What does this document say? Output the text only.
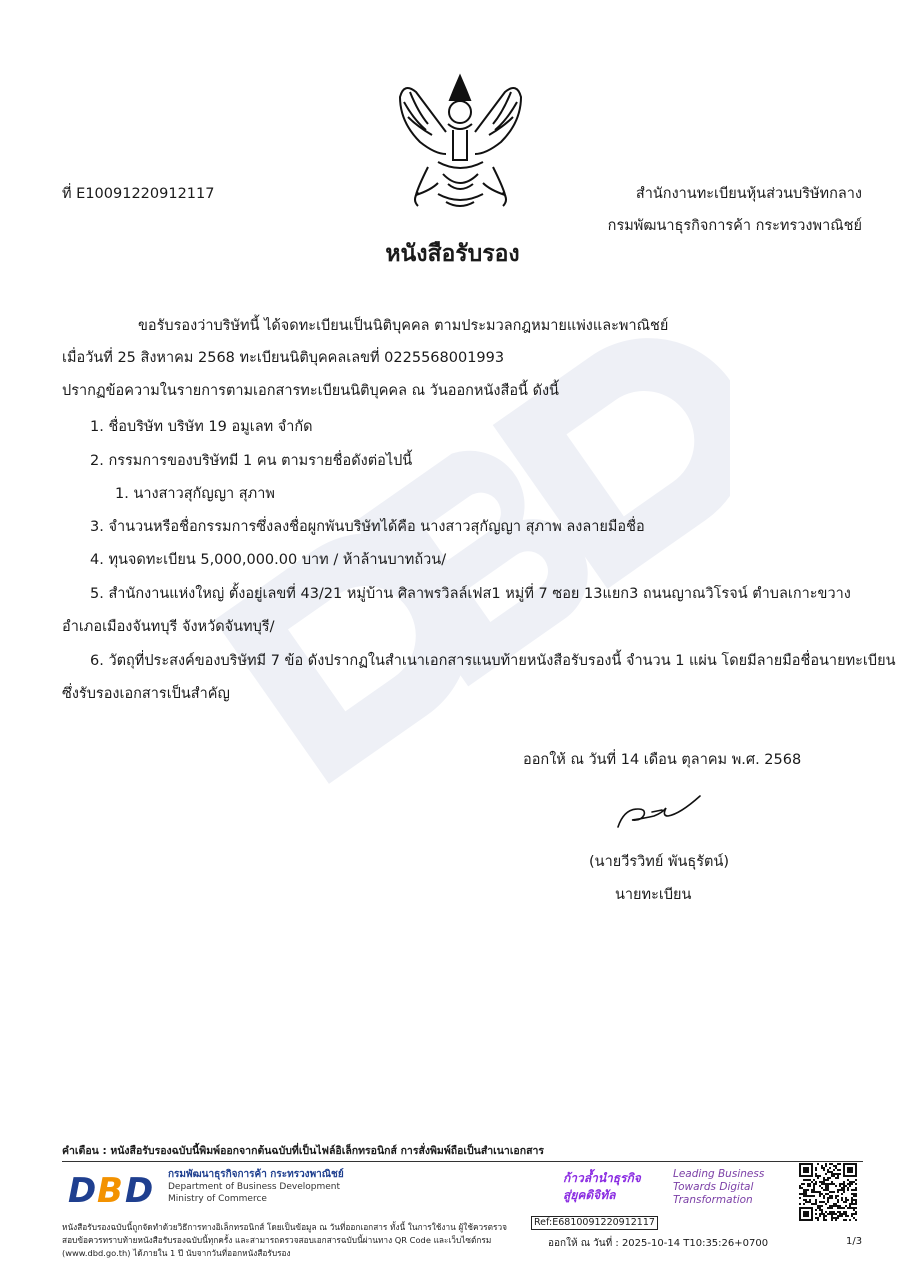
ที่ E10091220912117	สำนักงานทะเบียนหุ้นส่วนบริษัทกลาง
กรมพัฒนาธุรกิจการค้า กระทรวงพาณิชย์
หนังสือรับรอง
ขอรับรองว่าบริษัทนี้ ได้จดทะเบียนเป็นนิติบุคคล ตามประมวลกฎหมายแพ่งและพาณิชย์
เมื่อวันที่ 25 สิงหาคม 2568 ทะเบียนนิติบุคคลเลขที่ 0225568001993
ปรากฏข้อความในรายการตามเอกสารทะเบียนนิติบุคคล ณ วันออกหนังสือนี้ ดังนี้
1. ชื่อบริษัท บริษัท 19 อมูเลท จำกัด
2. กรรมการของบริษัทมี 1 คน ตามรายชื่อดังต่อไปนี้
1. นางสาวสุกัญญา สุภาพ
3. จำนวนหรือชื่อกรรมการซึ่งลงชื่อผูกพันบริษัทได้คือ นางสาวสุกัญญา สุภาพ ลงลายมือชื่อ
4. ทุนจดทะเบียน 5,000,000.00 บาท / ห้าล้านบาทถ้วน/
5. สำนักงานแห่งใหญ่ ตั้งอยู่เลขที่ 43/21 หมู่บ้าน ศิลาพรวิลล์เฟส1 หมู่ที่ 7 ซอย 13แยก3 ถนนญาณวิโรจน์ ตำบลเกาะขวาง
อำเภอเมืองจันทบุรี จังหวัดจันทบุรี/
6. วัตถุที่ประสงค์ของบริษัทมี 7 ข้อ ดังปรากฏในสำเนาเอกสารแนบท้ายหนังสือรับรองนี้ จำนวน 1 แผ่น โดยมีลายมือชื่อนายทะเบียน
ซึ่งรับรองเอกสารเป็นสำคัญ
ออกให้ ณ วันที่ 14 เดือน ตุลาคม พ.ศ. 2568
(นายวีรวิทย์ พันธุรัตน์)
นายทะเบียน
คำเตือน : หนังสือรับรองฉบับนี้พิมพ์ออกจากต้นฉบับที่เป็นไฟล์อิเล็กทรอนิกส์ การสั่งพิมพ์ถือเป็นสำเนาเอกสาร
D B D กรมพัฒนาธุรกิจการค้า กระทรวงพาณิชย์
Department of Business Development
Ministry of Commerce
ก้าวล้ำนำธุรกิจ
สู่ยุคดิจิทัล
Leading Business
Towards Digital
Transformation
หนังสือรับรองฉบับนี้ถูกจัดทำด้วยวิธีการทางอิเล็กทรอนิกส์ โดยเป็นข้อมูล ณ วันที่ออกเอกสาร ทั้งนี้ ในการใช้งาน ผู้ใช้ควรตรวจสอบข้อควรทราบท้ายหนังสือรับรองฉบับนี้ทุกครั้ง และสามารถตรวจสอบเอกสารฉบับนี้ผ่านทาง QR Code และเว็บไซต์กรม (www.dbd.go.th) ได้ภายใน 1 ปี นับจากวันที่ออกหนังสือรับรอง
Ref:E6810091220912117
ออกให้ ณ วันที่ : 2025-10-14 T10:35:26+0700	1/3
